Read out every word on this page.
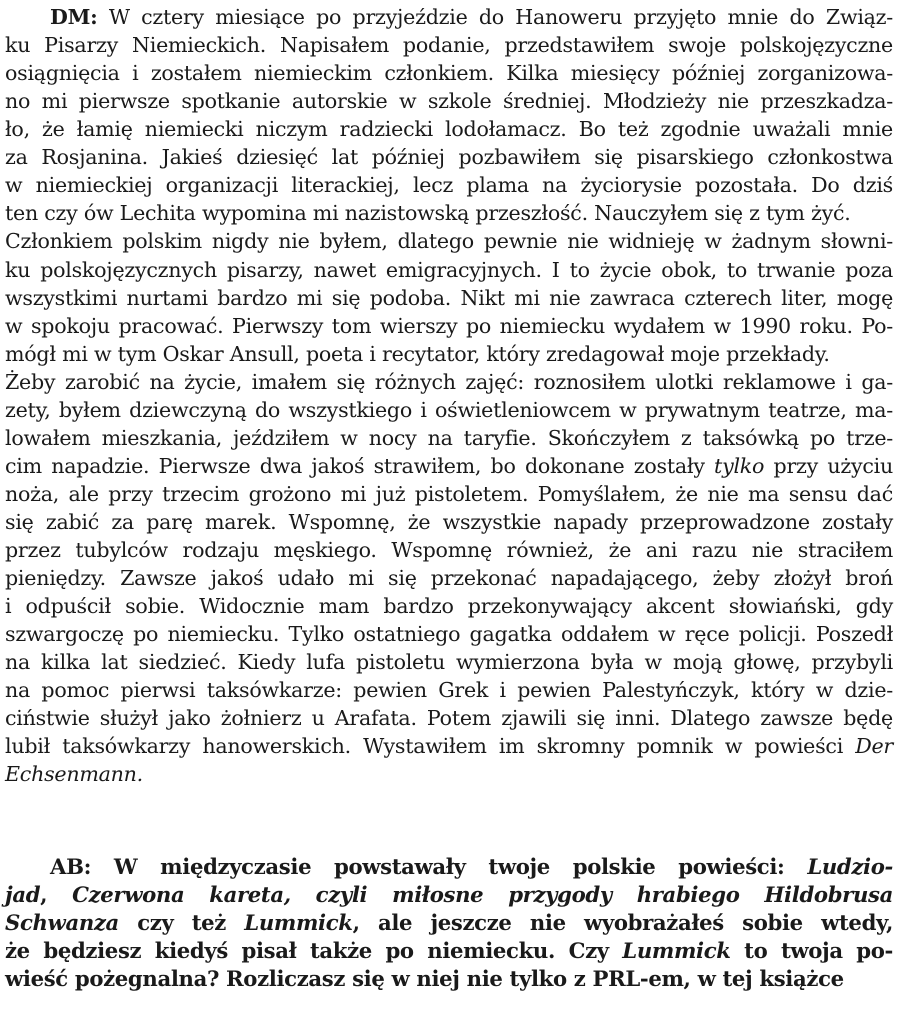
DM: W cztery miesiące po przyjeździe do Hanoweru przyjęto mnie do Związ-
ku Pisarzy Niemieckich. Napisałem podanie, przedstawiłem swoje polskojęzyczne
osiągnięcia i zostałem niemieckim członkiem. Kilka miesięcy później zorganizowa-
no mi pierwsze spotkanie autorskie w szkole średniej. Młodzieży nie przeszkadza-
ło, że łamię niemiecki niczym radziecki lodołamacz. Bo też zgodnie uważali mnie
za Rosjanina. Jakieś dziesięć lat później pozbawiłem się pisarskiego członkostwa
w niemieckiej organizacji literackiej, lecz plama na życiorysie pozostała. Do dziś
ten czy ów Lechita wypomina mi nazistowską przeszłość. Nauczyłem się z tym żyć.
Członkiem polskim nigdy nie byłem, dlatego pewnie nie widnieję w żadnym słowni-
ku polskojęzycznych pisarzy, nawet emigracyjnych. I to życie obok, to trwanie poza
wszystkimi nurtami bardzo mi się podoba. Nikt mi nie zawraca czterech liter, mogę
w spokoju pracować. Pierwszy tom wierszy po niemiecku wydałem w 1990 roku. Po-
mógł mi w tym Oskar Ansull, poeta i recytator, który zredagował moje przekłady.
Żeby zarobić na życie, imałem się różnych zajęć: roznosiłem ulotki reklamowe i ga-
zety, byłem dziewczyną do wszystkiego i oświetleniowcem w prywatnym teatrze, ma-
lowałem mieszkania, jeździłem w nocy na taryfie. Skończyłem z taksówką po trze-
cim napadzie. Pierwsze dwa jakoś strawiłem, bo dokonane zostały tylko przy użyciu
noża, ale przy trzecim grożono mi już pistoletem. Pomyślałem, że nie ma sensu dać
się zabić za parę marek. Wspomnę, że wszystkie napady przeprowadzone zostały
przez tubylców rodzaju męskiego. Wspomnę również, że ani razu nie straciłem
pieniędzy. Zawsze jakoś udało mi się przekonać napadającego, żeby złożył broń
i odpuścił sobie. Widocznie mam bardzo przekonywający akcent słowiański, gdy
szwargoczę po niemiecku. Tylko ostatniego gagatka oddałem w ręce policji. Poszedł
na kilka lat siedzieć. Kiedy lufa pistoletu wymierzona była w moją głowę, przybyli
na pomoc pierwsi taksówkarze: pewien Grek i pewien Palestyńczyk, który w dzie-
ciństwie służył jako żołnierz u Arafata. Potem zjawili się inni. Dlatego zawsze będę
lubił taksówkarzy hanowerskich. Wystawiłem im skromny pomnik w powieści Der
Echsenmann.
AB: W międzyczasie powstawały twoje polskie powieści: Ludzio-
jad, Czerwona kareta, czyli miłosne przygody hrabiego Hildobrusa
Schwanza czy też Lummick, ale jeszcze nie wyobrażałeś sobie wtedy,
że będziesz kiedyś pisał także po niemiecku. Czy Lummick to twoja po-
wieść pożegnalna? Rozliczasz się w niej nie tylko z PRL-em, w tej książce
